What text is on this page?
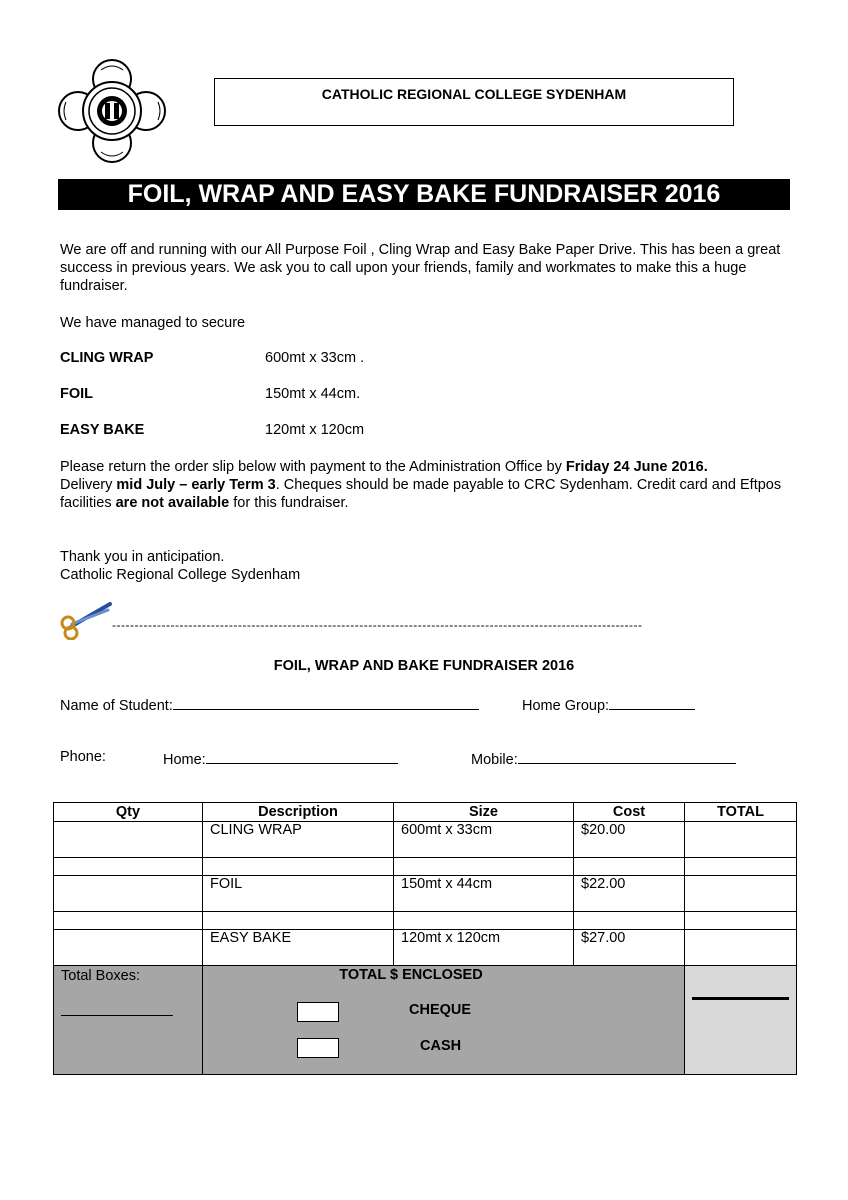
CATHOLIC REGIONAL COLLEGE SYDENHAM
FOIL, WRAP AND EASY BAKE FUNDRAISER 2016
We are off and running with our All Purpose Foil , Cling Wrap and Easy Bake Paper Drive. This has been a great success in previous years. We ask you to call upon your friends, family and workmates to make this a huge fundraiser.
We have managed to secure
CLING WRAP	600mt x 33cm .
FOIL	150mt x 44cm.
EASY BAKE	120mt x 120cm
Please return the order slip below with payment to the Administration Office by Friday 24 June 2016.
Delivery mid July – early Term 3. Cheques should be made payable to CRC Sydenham. Credit card and Eftpos facilities are not available for this fundraiser.
Thank you in anticipation.
Catholic Regional College Sydenham
----------------------------------------------------------------------------------------------------------------------
FOIL, WRAP AND BAKE FUNDRAISER 2016
Name of Student:	Home Group:
Phone:	Home:	Mobile:
Qty	Description	Size	Cost	TOTAL
	CLING WRAP	600mt x 33cm	$20.00	

	FOIL	150mt x 44cm	$22.00	

	EASY BAKE	120mt x 120cm	$27.00	

Total Boxes:	TOTAL $ ENCLOSED
CHEQUE
CASH			
